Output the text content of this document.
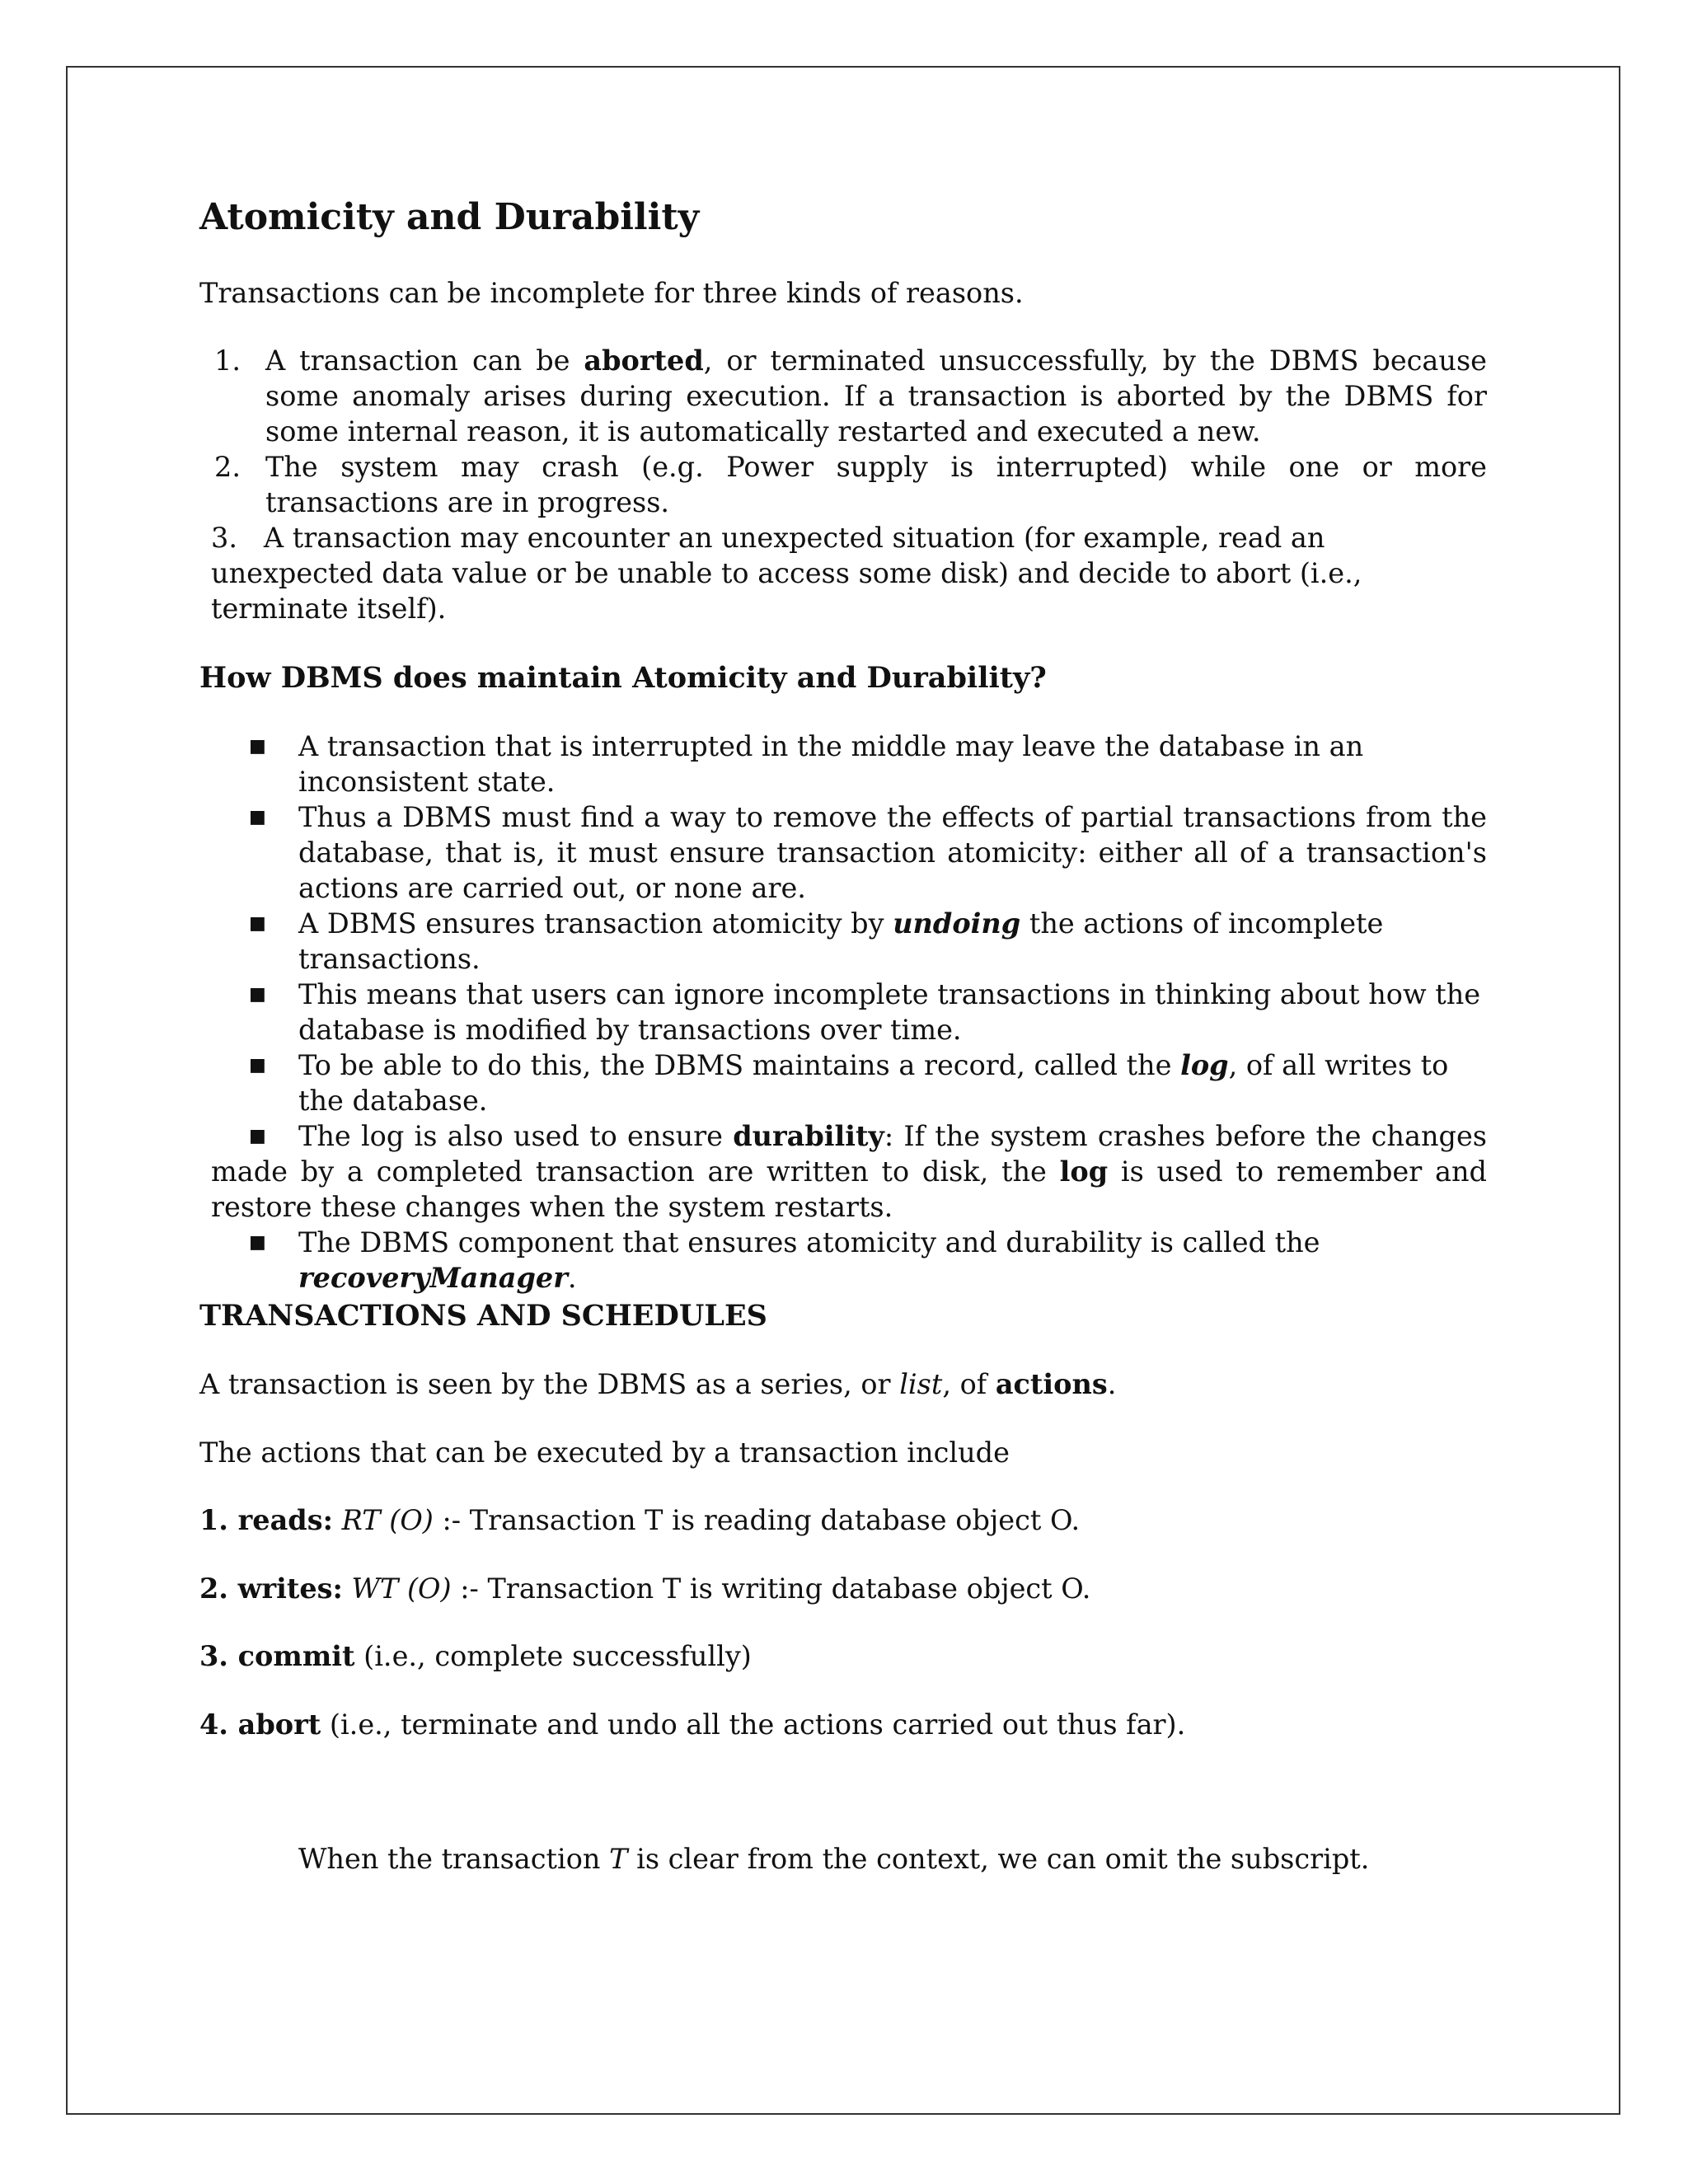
Atomicity and Durability

Transactions can be incomplete for three kinds of reasons.

1. A transaction can be aborted, or terminated unsuccessfully, by the DBMS because some anomaly arises during execution. If a transaction is aborted by the DBMS for some internal reason, it is automatically restarted and executed a new.
2. The system may crash (e.g. Power supply is interrupted) while one or more transactions are in progress.
3. A transaction may encounter an unexpected situation (for example, read an unexpected data value or be unable to access some disk) and decide to abort (i.e., terminate itself).
How DBMS does maintain Atomicity and Durability?
■ A transaction that is interrupted in the middle may leave the database in an inconsistent state.
■ Thus a DBMS must find a way to remove the effects of partial transactions from the database, that is, it must ensure transaction atomicity: either all of a transaction's actions are carried out, or none are.
■ A DBMS ensures transaction atomicity by undoing the actions of incomplete transactions.
■ This means that users can ignore incomplete transactions in thinking about how the database is modified by transactions over time.
■ To be able to do this, the DBMS maintains a record, called the log, of all writes to the database.
■ The log is also used to ensure durability: If the system crashes before the changes made by a completed transaction are written to disk, the log is used to remember and restore these changes when the system restarts.
■ The DBMS component that ensures atomicity and durability is called the recoveryManager.
TRANSACTIONS AND SCHEDULES

A transaction is seen by the DBMS as a series, or list, of actions.

The actions that can be executed by a transaction include

1. reads: RT (O) :- Transaction T is reading database object O.

2. writes: WT (O) :- Transaction T is writing database object O.

3. commit (i.e., complete successfully)

4. abort (i.e., terminate and undo all the actions carried out thus far).

When the transaction T is clear from the context, we can omit the subscript.
